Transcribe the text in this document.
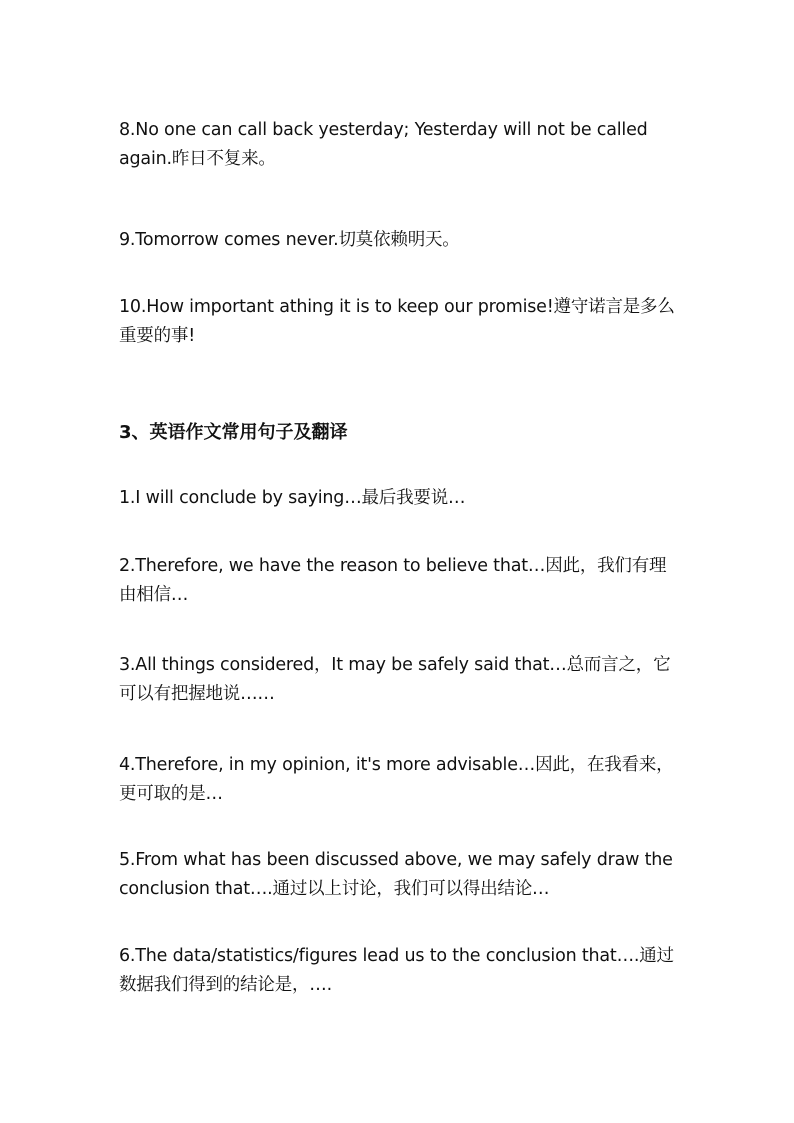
8.No one can call back yesterday; Yesterday will not be called
again.昨日不复来。

9.Tomorrow comes never.切莫依赖明天。

10.How important athing it is to keep our promise!遵守诺言是多么
重要的事!

3、英语作文常用句子及翻译

1.I will conclude by saying…最后我要说…

2.Therefore, we have the reason to believe that…因此，我们有理
由相信…

3.All things considered，It may be safely said that…总而言之，它
可以有把握地说……

4.Therefore, in my opinion, it's more advisable…因此，在我看来，
更可取的是…

5.From what has been discussed above, we may safely draw the
conclusion that….通过以上讨论，我们可以得出结论…

6.The data/statistics/figures lead us to the conclusion that….通过
数据我们得到的结论是，….
